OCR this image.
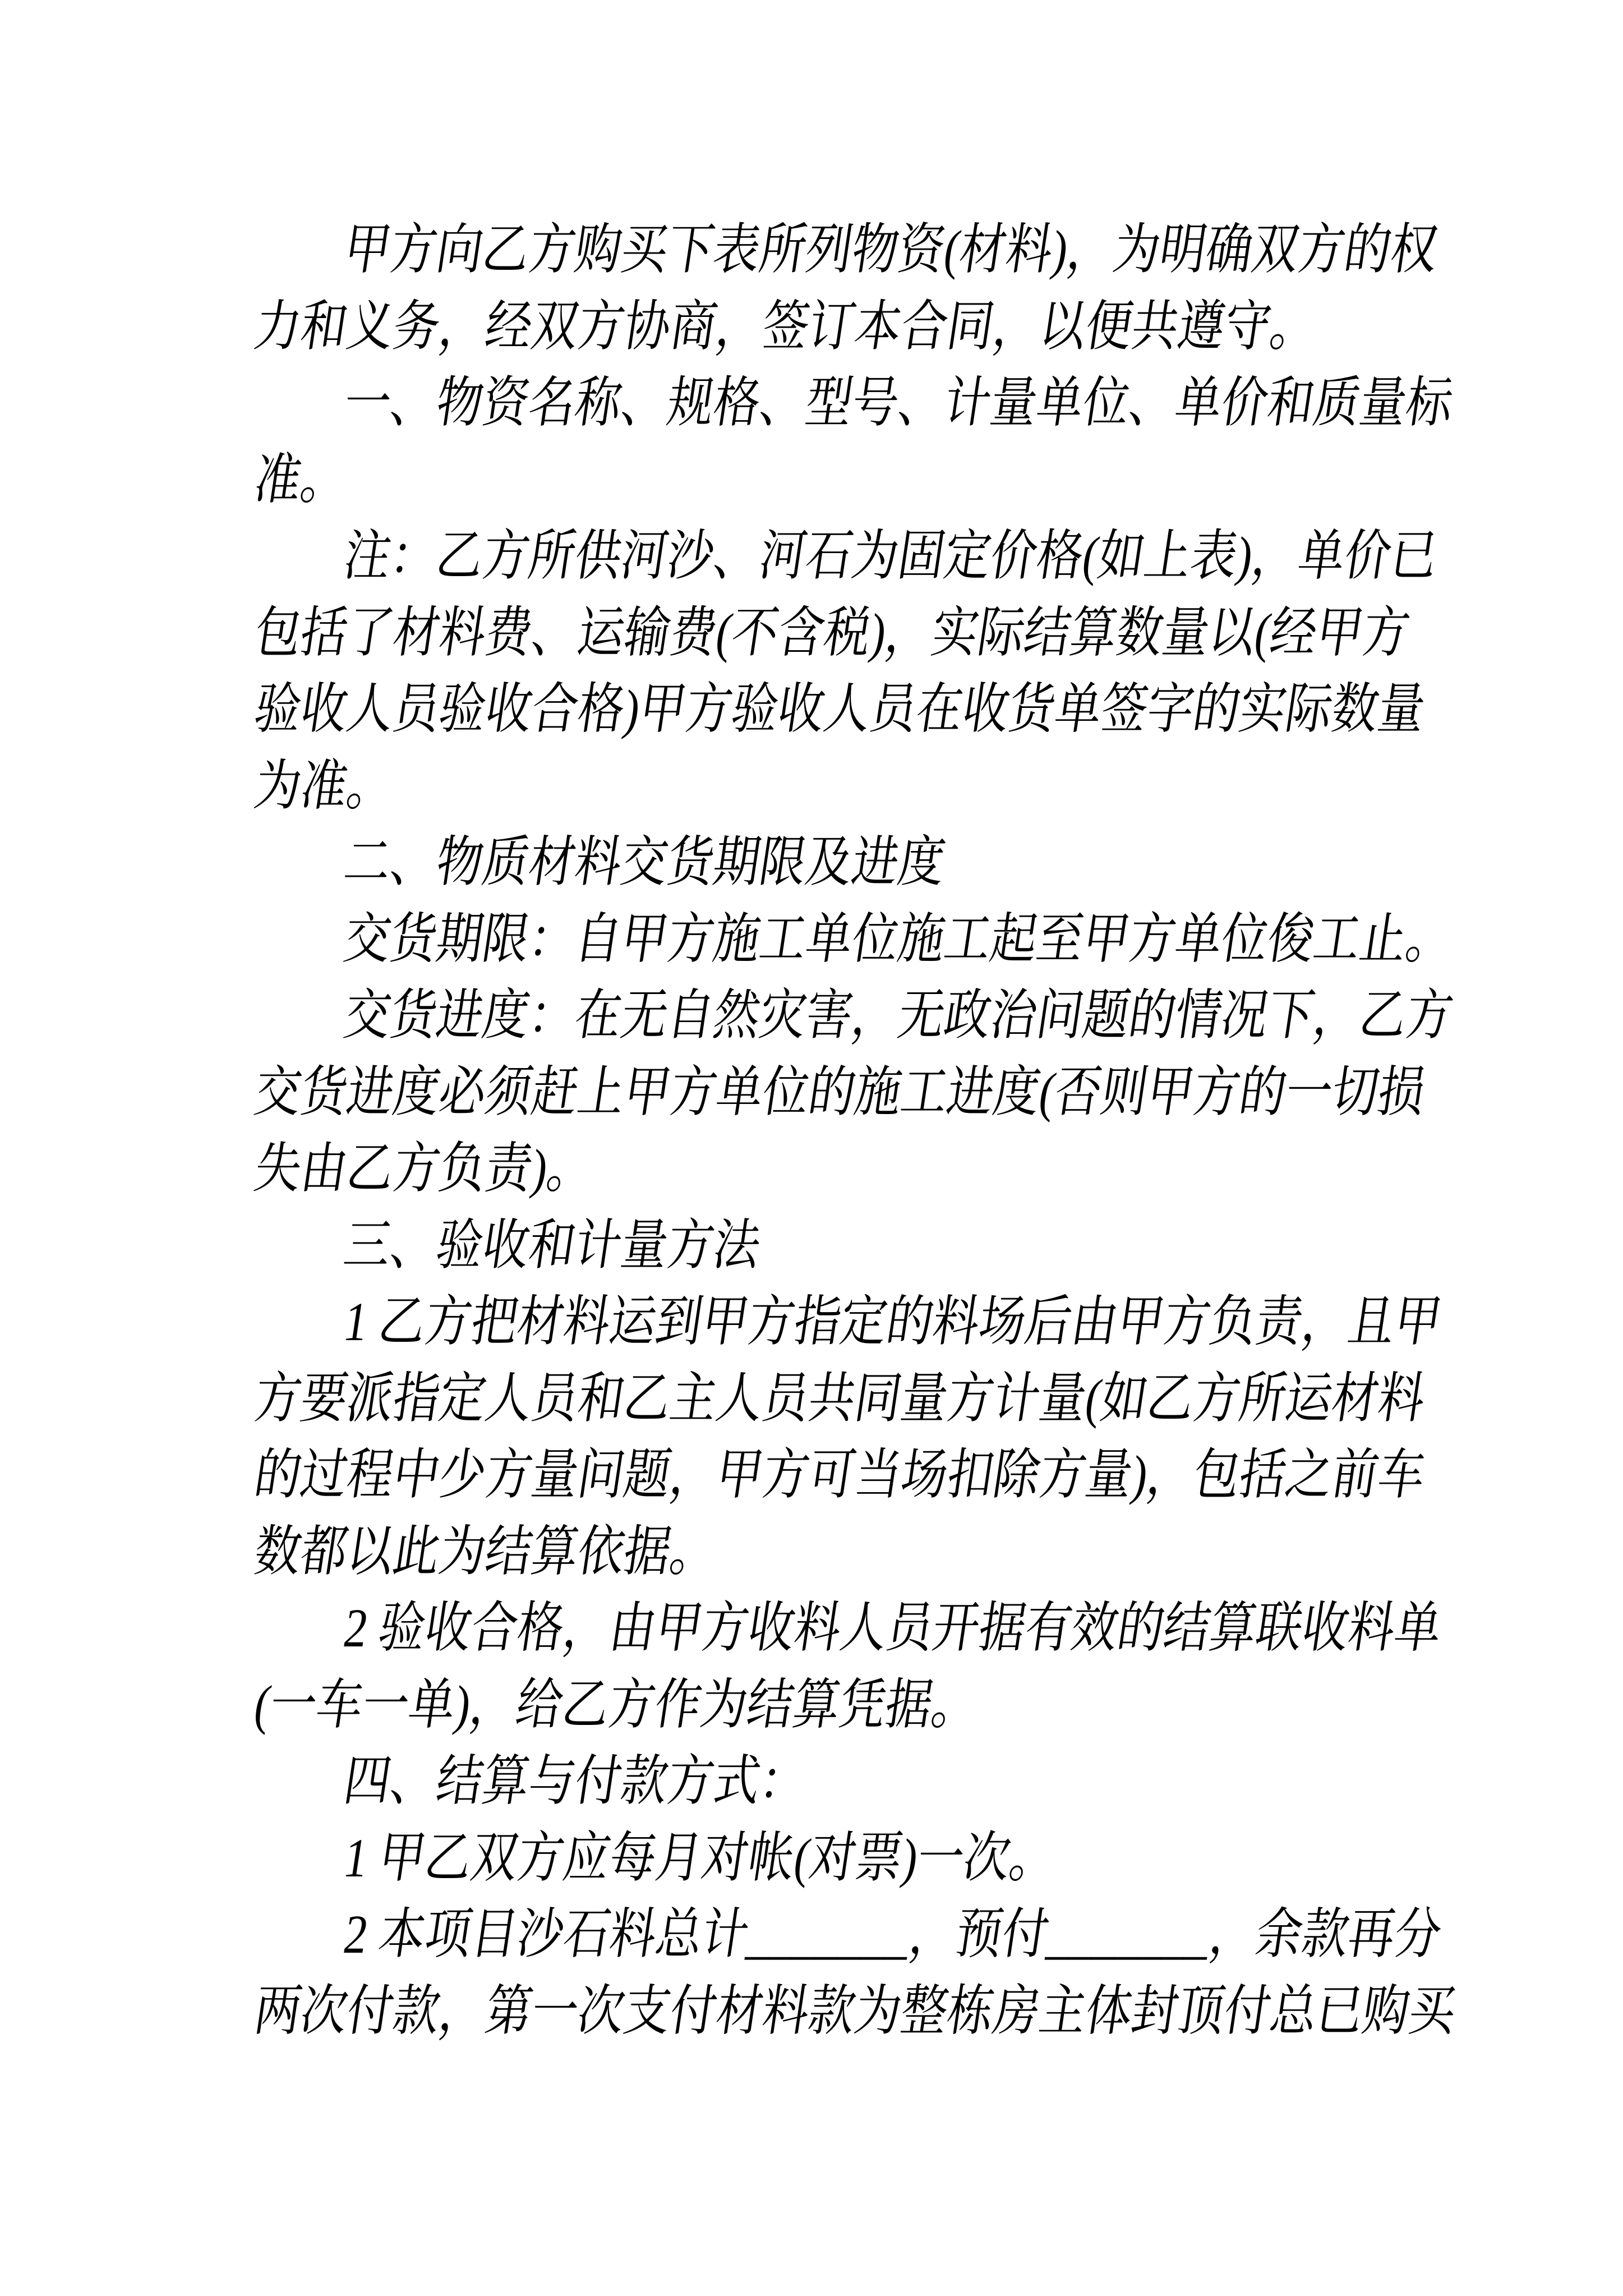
甲方向乙方购买下表所列物资(材料)，为明确双方的权
力和义务，经双方协商，签订本合同，以便共遵守。
一、物资名称、规格、型号、计量单位、单价和质量标
准。
注：乙方所供河沙、河石为固定价格(如上表)，单价已
包括了材料费、运输费(不含税)，实际结算数量以(经甲方
验收人员验收合格)甲方验收人员在收货单签字的实际数量
为准。
二、物质材料交货期限及进度
交货期限：自甲方施工单位施工起至甲方单位俊工止。
交货进度：在无自然灾害，无政治问题的情况下，乙方
交货进度必须赶上甲方单位的施工进度(否则甲方的一切损
失由乙方负责)。
三、验收和计量方法
1 乙方把材料运到甲方指定的料场后由甲方负责，且甲
方要派指定人员和乙主人员共同量方计量(如乙方所运材料
的过程中少方量问题，甲方可当场扣除方量)，包括之前车
数都以此为结算依据。
2 验收合格，由甲方收料人员开据有效的结算联收料单
(一车一单)，给乙方作为结算凭据。
四、结算与付款方式：
1 甲乙双方应每月对帐(对票)一次。
2 本项目沙石料总计_______，预付_______，余款再分
两次付款，第一次支付材料款为整栋房主体封顶付总已购买
